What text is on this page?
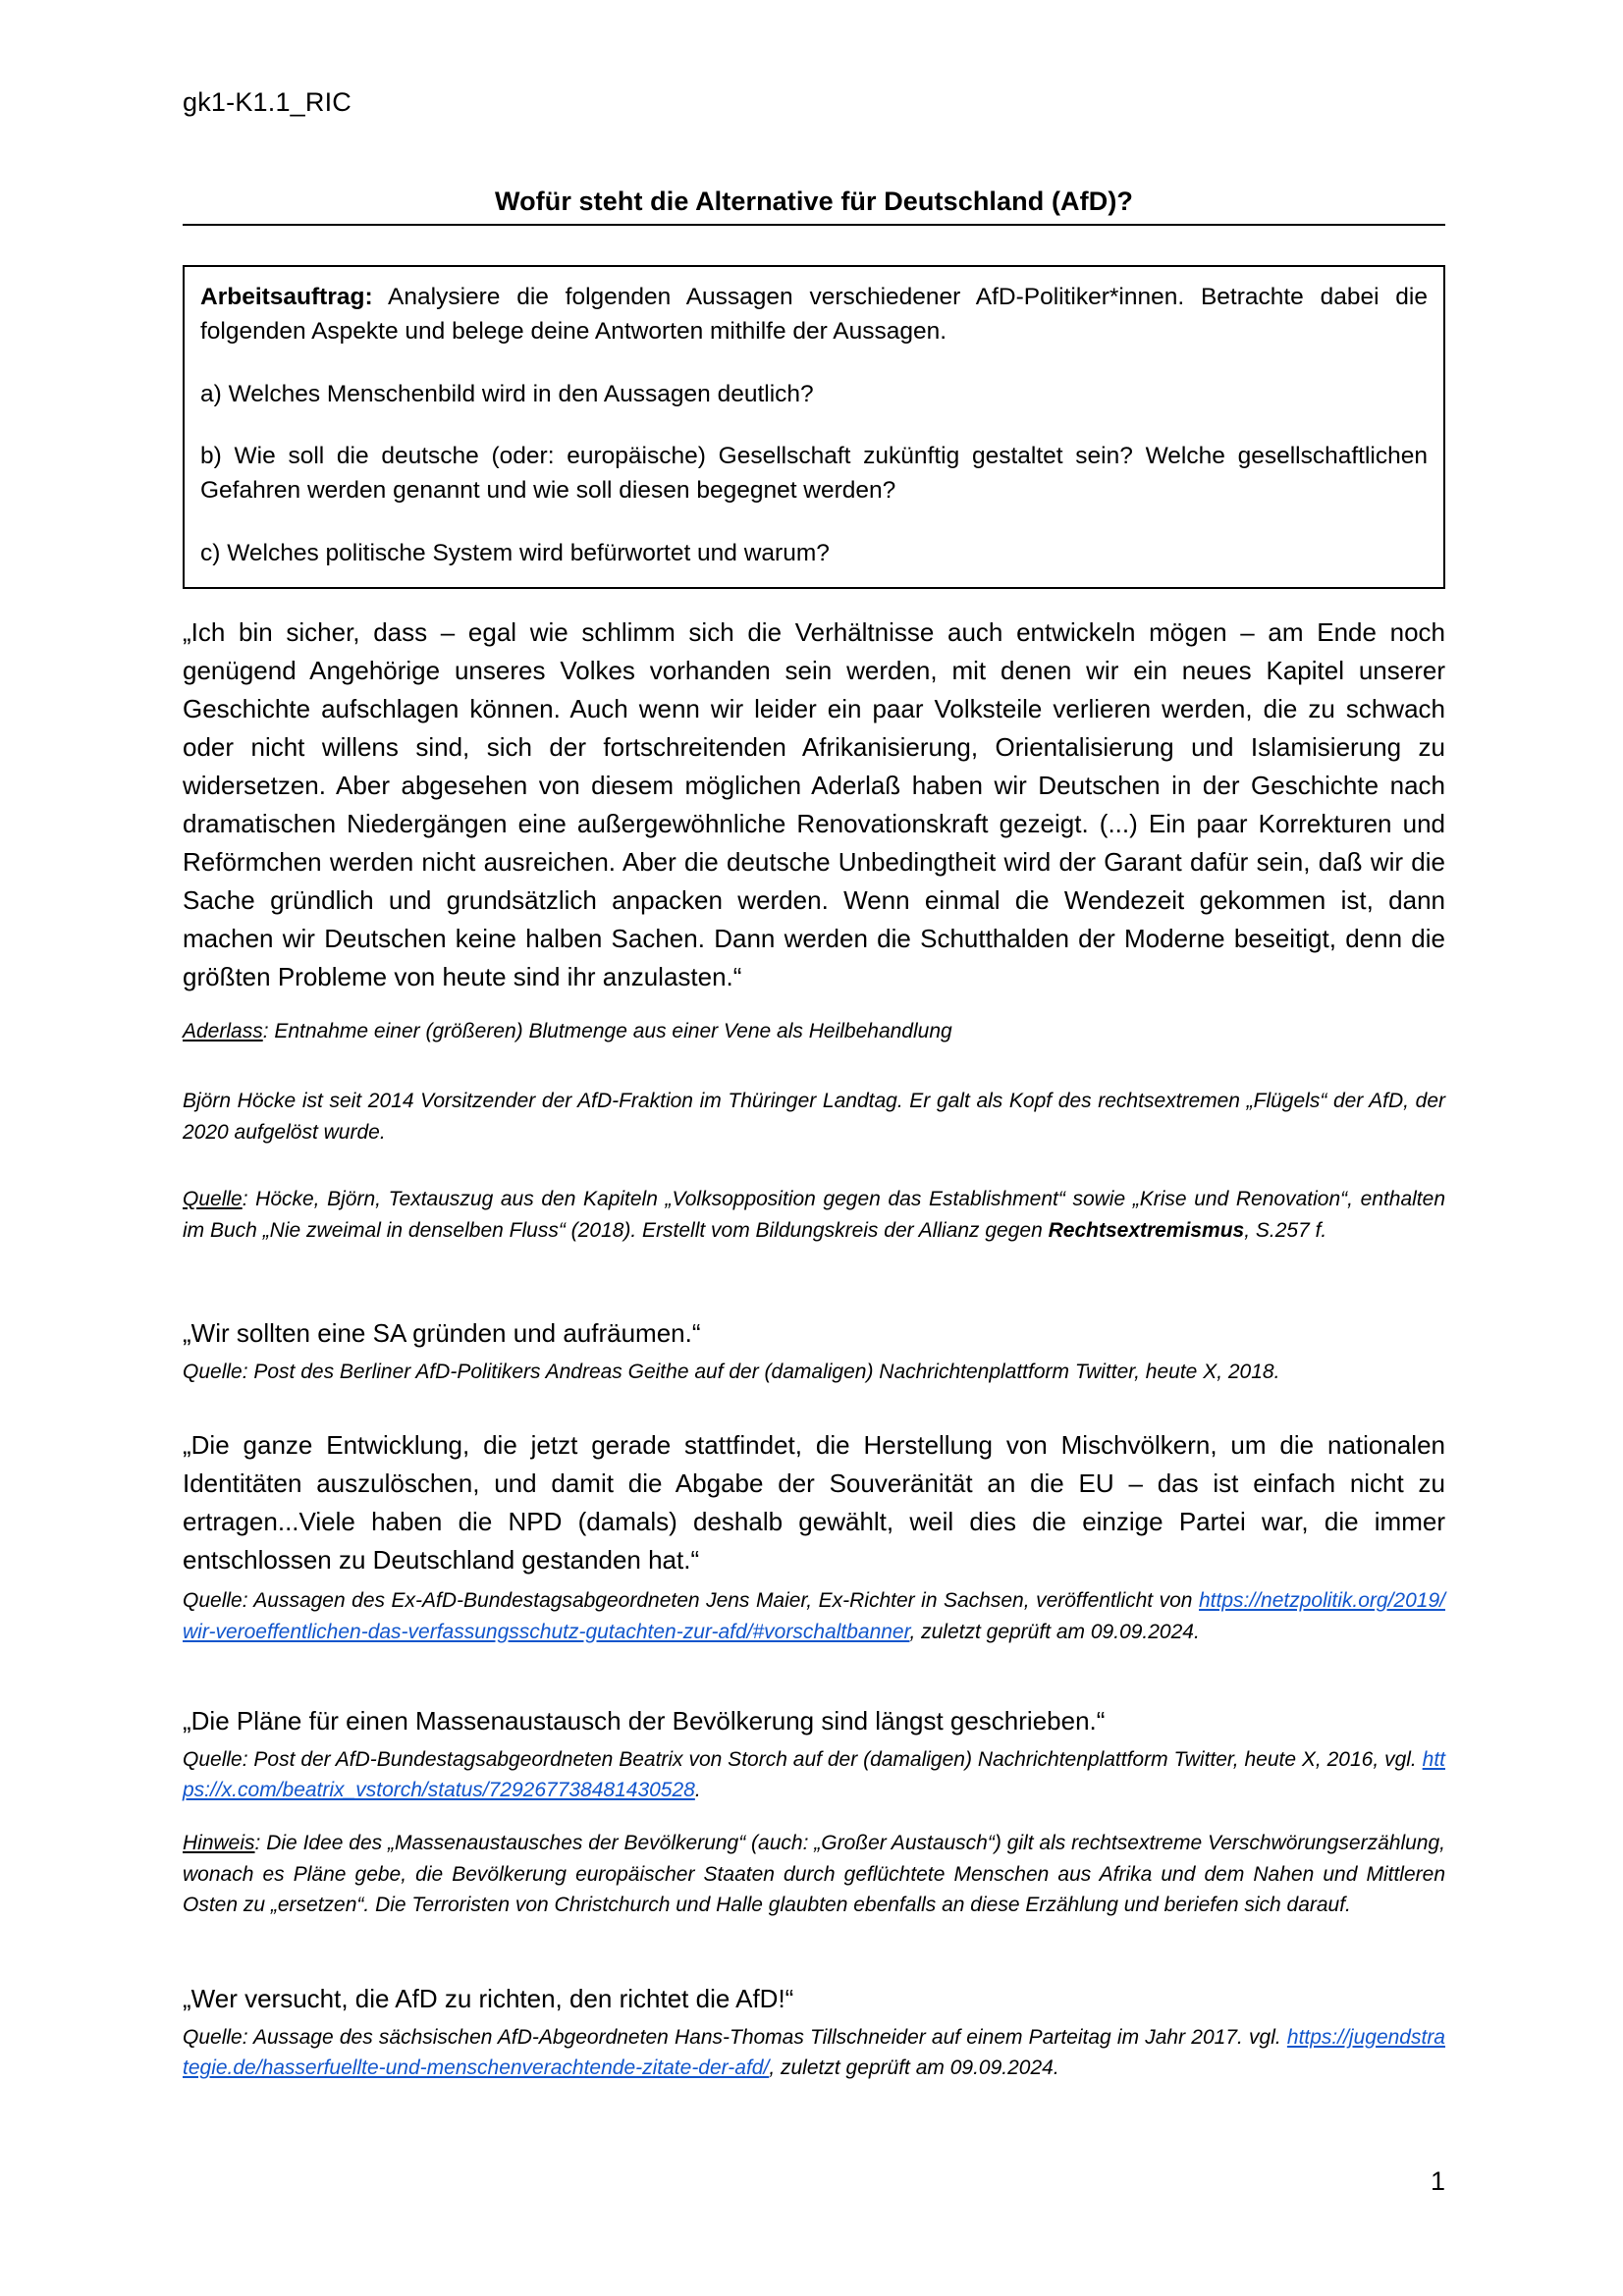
gk1-K1.1_RIC
Wofür steht die Alternative für Deutschland (AfD)?

Arbeitsauftrag: Analysiere die folgenden Aussagen verschiedener AfD-Politiker*innen. Betrachte dabei die folgenden Aspekte und belege deine Antworten mithilfe der Aussagen.

a) Welches Menschenbild wird in den Aussagen deutlich?

b) Wie soll die deutsche (oder: europäische) Gesellschaft zukünftig gestaltet sein? Welche gesellschaftlichen Gefahren werden genannt und wie soll diesen begegnet werden?

c) Welches politische System wird befürwortet und warum?

„Ich bin sicher, dass – egal wie schlimm sich die Verhältnisse auch entwickeln mögen – am Ende noch genügend Angehörige unseres Volkes vorhanden sein werden, mit denen wir ein neues Kapitel unserer Geschichte aufschlagen können. Auch wenn wir leider ein paar Volksteile verlieren werden, die zu schwach oder nicht willens sind, sich der fortschreitenden Afrikanisierung, Orientalisierung und Islamisierung zu widersetzen. Aber abgesehen von diesem möglichen Aderlaß haben wir Deutschen in der Geschichte nach dramatischen Niedergängen eine außergewöhnliche Renovationskraft gezeigt. (...) Ein paar Korrekturen und Reförmchen werden nicht ausreichen. Aber die deutsche Unbedingtheit wird der Garant dafür sein, daß wir die Sache gründlich und grundsätzlich anpacken werden. Wenn einmal die Wendezeit gekommen ist, dann machen wir Deutschen keine halben Sachen. Dann werden die Schutthalden der Moderne beseitigt, denn die größten Probleme von heute sind ihr anzulasten.“

Aderlass: Entnahme einer (größeren) Blutmenge aus einer Vene als Heilbehandlung

Björn Höcke ist seit 2014 Vorsitzender der AfD-Fraktion im Thüringer Landtag. Er galt als Kopf des rechtsextremen „Flügels“ der AfD, der 2020 aufgelöst wurde.

Quelle: Höcke, Björn, Textauszug aus den Kapiteln „Volksopposition gegen das Establishment“ sowie „Krise und Renovation“, enthalten im Buch „Nie zweimal in denselben Fluss“ (2018). Erstellt vom Bildungskreis der Allianz gegen Rechtsextremismus, S.257 f.

„Wir sollten eine SA gründen und aufräumen.“

Quelle: Post des Berliner AfD-Politikers Andreas Geithe auf der (damaligen) Nachrichtenplattform Twitter, heute X, 2018.

„Die ganze Entwicklung, die jetzt gerade stattfindet, die Herstellung von Mischvölkern, um die nationalen Identitäten auszulöschen, und damit die Abgabe der Souveränität an die EU – das ist einfach nicht zu ertragen...Viele haben die NPD (damals) deshalb gewählt, weil dies die einzige Partei war, die immer entschlossen zu Deutschland gestanden hat.“

Quelle: Aussagen des Ex-AfD-Bundestagsabgeordneten Jens Maier, Ex-Richter in Sachsen, veröffentlicht von https://netzpolitik.org/2019/wir-veroeffentlichen-das-verfassungsschutz-gutachten-zur-afd/#vorschaltbanner, zuletzt geprüft am 09.09.2024.

„Die Pläne für einen Massenaustausch der Bevölkerung sind längst geschrieben.“

Quelle: Post der AfD-Bundestagsabgeordneten Beatrix von Storch auf der (damaligen) Nachrichtenplattform Twitter, heute X, 2016, vgl. https://x.com/beatrix_vstorch/status/729267738481430528.

Hinweis: Die Idee des „Massenaustausches der Bevölkerung“ (auch: „Großer Austausch“) gilt als rechtsextreme Verschwörungserzählung, wonach es Pläne gebe, die Bevölkerung europäischer Staaten durch geflüchtete Menschen aus Afrika und dem Nahen und Mittleren Osten zu „ersetzen“. Die Terroristen von Christchurch und Halle glaubten ebenfalls an diese Erzählung und beriefen sich darauf.

„Wer versucht, die AfD zu richten, den richtet die AfD!“

Quelle: Aussage des sächsischen AfD-Abgeordneten Hans-Thomas Tillschneider auf einem Parteitag im Jahr 2017. vgl. https://jugendstrategie.de/hasserfuellte-und-menschenverachtende-zitate-der-afd/, zuletzt geprüft am 09.09.2024.

1
